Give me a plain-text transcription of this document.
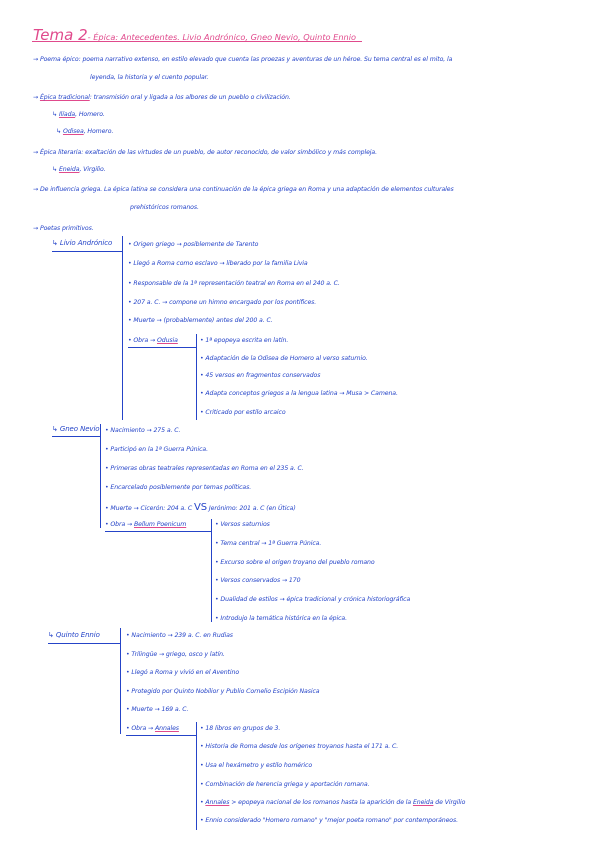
Tema 2- Épica: Antecedentes. Livio Andrónico, Gneo Nevio, Quinto Ennio
→ Poema épico: poema narrativo extenso, en estilo elevado que cuenta las proezas y aventuras de un héroe. Su tema central es el mito, la
leyenda, la historia y el cuento popular.
→ Épica tradicional: transmisión oral y ligada a los albores de un pueblo o civilización.
↳ Ilíada, Homero.
↳ Odisea, Homero.
→ Épica literaria: exaltación de las virtudes de un pueblo, de autor reconocido, de valor simbólico y más compleja.
↳ Eneida, Virgilio.
→ De influencia griega. La épica latina se considera una continuación de la épica griega en Roma y una adaptación de elementos culturales
prehistóricos romanos.
→ Poetas primitivos.
↳ Livio Andrónico	• Origen griego → posiblemente de Tarento
• Llegó a Roma como esclavo → liberado por la familia Livia
• Responsable de la 1ª representación teatral en Roma en el 240 a. C.
• 207 a. C. → compone un himno encargado por los pontífices.
• Muerte → (probablemente) antes del 200 a. C.
• Obra → Odusia	• 1ª epopeya escrita en latín.
• Adaptación de la Odisea de Homero al verso saturnio.
• 45 versos en fragmentos conservados
• Adapta conceptos griegos a la lengua latina → Musa > Camena.
• Criticado por estilo arcaico
↳ Gneo Nevio • Nacimiento → 275 a. C.
• Participó en la 1ª Guerra Púnica.
• Primeras obras teatrales representadas en Roma en el 235 a. C.
• Encarcelado posiblemente por temas políticas.
• Muerte → Cicerón: 204 a. C VS Jerónimo: 201 a. C (en Útica)
• Obra → Bellum Poenicum	• Versos saturnios
• Tema central → 1ª Guerra Púnica.
• Excurso sobre el origen troyano del pueblo romano
• Versos conservados → 170
• Dualidad de estilos → épica tradicional y crónica historiográfica
• Introdujo la temática histórica en la épica.
↳ Quinto Ennio	• Nacimiento → 239 a. C. en Rudias
• Trilingüe → griego, osco y latín.
• Llegó a Roma y vivió en el Aventino
• Protegido por Quinto Nobilior y Publio Cornelio Escipión Nasica
• Muerte → 169 a. C.
• Obra → Annales	• 18 libros en grupos de 3.
• Historia de Roma desde los orígenes troyanos hasta el 171 a. C.
• Usa el hexámetro y estilo homérico
• Combinación de herencia griega y aportación romana.
• Annales > epopeya nacional de los romanos hasta la aparición de la Eneida de Virgilio
• Ennio considerado "Homero romano" y "mejor poeta romano" por contemporáneos.
